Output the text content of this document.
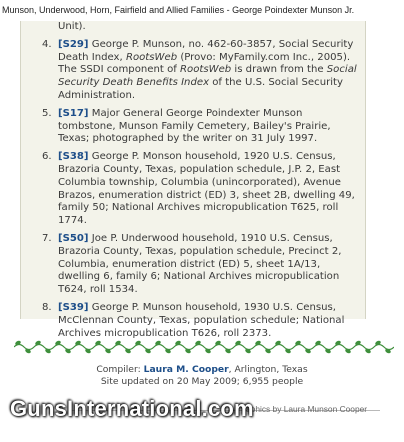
Munson, Underwood, Horn, Fairfield and Allied Families - George Poindexter Munson Jr.
Unit).
4. [S29] George P. Munson, no. 462-60-3857, Social Security Death Index, RootsWeb (Provo: MyFamily.com Inc., 2005). The SSDI component of RootsWeb is drawn from the Social Security Death Benefits Index of the U.S. Social Security Administration.
5. [S17] Major General George Poindexter Munson tombstone, Munson Family Cemetery, Bailey's Prairie, Texas; photographed by the writer on 31 July 1997.
6. [S38] George P. Monson household, 1920 U.S. Census, Brazoria County, Texas, population schedule, J.P. 2, East Columbia township, Columbia (unincorporated), Avenue Brazos, enumeration district (ED) 3, sheet 2B, dwelling 49, family 50; National Archives micropublication T625, roll 1774.
7. [S50] Joe P. Underwood household, 1910 U.S. Census, Brazoria County, Texas, population schedule, Precinct 2, Columbia, enumeration district (ED) 5, sheet 1A/13, dwelling 6, family 6; National Archives micropublication T624, roll 1534.
8. [S39] George P. Munson household, 1930 U.S. Census, McClennan County, Texas, population schedule; National Archives micropublication T626, roll 2373.
Compiler: Laura M. Cooper, Arlington, Texas
Site updated on 20 May 2009; 6,955 people
aphics by Laura Munson Cooper
GunsInternational.com
